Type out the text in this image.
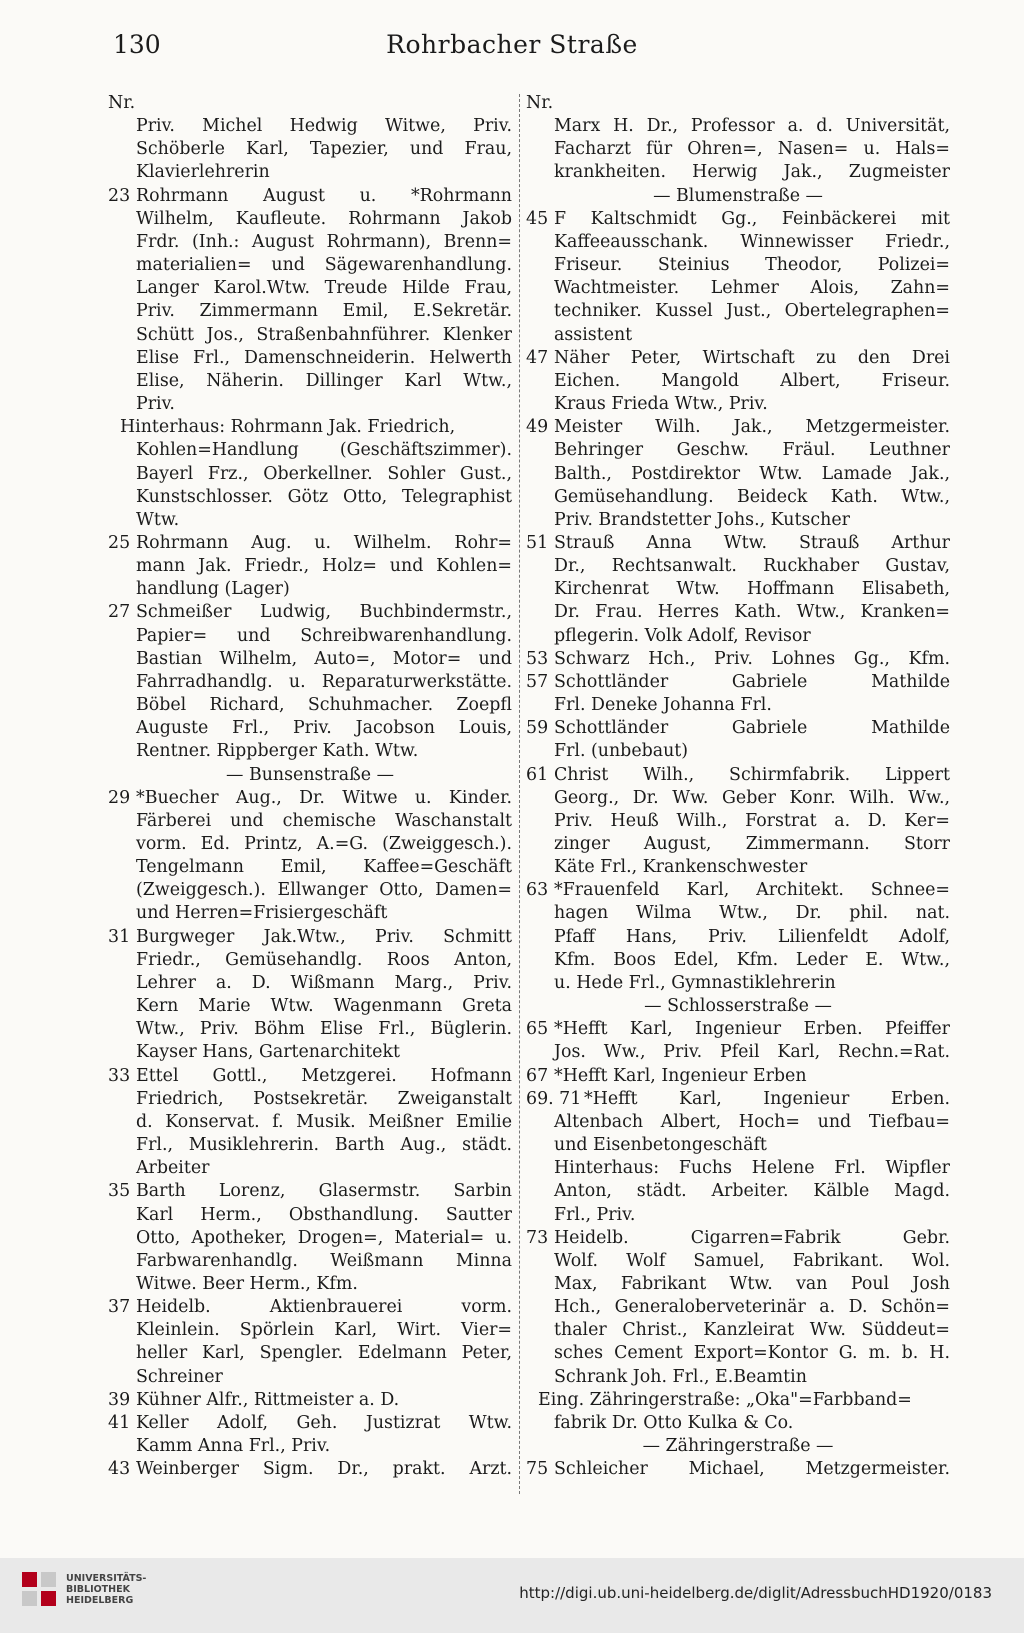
130	Rohrbacher Straße
Nr.
Priv. Michel Hedwig Witwe, Priv.
Schöberle Karl, Tapezier, und Frau,
Klavierlehrerin
23 Rohrmann August u. *Rohrmann
Wilhelm, Kaufleute. Rohrmann Jakob
Frdr. (Inh.: August Rohrmann), Brenn=
materialien= und Sägewarenhandlung.
Langer Karol.Wtw. Treude Hilde Frau,
Priv. Zimmermann Emil, E.Sekretär.
Schütt Jos., Straßenbahnführer. Klenker
Elise Frl., Damenschneiderin. Helwerth
Elise, Näherin. Dillinger Karl Wtw.,
Priv.
Hinterhaus: Rohrmann Jak. Friedrich,
Kohlen=Handlung (Geschäftszimmer).
Bayerl Frz., Oberkellner. Sohler Gust.,
Kunstschlosser. Götz Otto, Telegraphist
Wtw.
25 Rohrmann Aug. u. Wilhelm. Rohr=
mann Jak. Friedr., Holz= und Kohlen=
handlung (Lager)
27 Schmeißer Ludwig, Buchbindermstr.,
Papier= und Schreibwarenhandlung.
Bastian Wilhelm, Auto=, Motor= und
Fahrradhandlg. u. Reparaturwerkstätte.
Böbel Richard, Schuhmacher. Zoepfl
Auguste Frl., Priv. Jacobson Louis,
Rentner. Rippberger Kath. Wtw.
— Bunsenstraße —
29 *Buecher Aug., Dr. Witwe u. Kinder.
Färberei und chemische Waschanstalt
vorm. Ed. Printz, A.=G. (Zweiggesch.).
Tengelmann Emil, Kaffee=Geschäft
(Zweiggesch.). Ellwanger Otto, Damen=
und Herren=Frisiergeschäft
31 Burgweger Jak.Wtw., Priv. Schmitt
Friedr., Gemüsehandlg. Roos Anton,
Lehrer a. D. Wißmann Marg., Priv.
Kern Marie Wtw. Wagenmann Greta
Wtw., Priv. Böhm Elise Frl., Büglerin.
Kayser Hans, Gartenarchitekt
33 Ettel Gottl., Metzgerei. Hofmann
Friedrich, Postsekretär. Zweiganstalt
d. Konservat. f. Musik. Meißner Emilie
Frl., Musiklehrerin. Barth Aug., städt.
Arbeiter
35 Barth Lorenz, Glasermstr. Sarbin
Karl Herm., Obsthandlung. Sautter
Otto, Apotheker, Drogen=, Material= u.
Farbwarenhandlg. Weißmann Minna
Witwe. Beer Herm., Kfm.
37 Heidelb. Aktienbrauerei vorm.
Kleinlein. Spörlein Karl, Wirt. Vier=
heller Karl, Spengler. Edelmann Peter,
Schreiner
39 Kühner Alfr., Rittmeister a. D.
41 Keller Adolf, Geh. Justizrat Wtw.
Kamm Anna Frl., Priv.
43 Weinberger Sigm. Dr., prakt. Arzt.
Nr.
Marx H. Dr., Professor a. d. Universität,
Facharzt für Ohren=, Nasen= u. Hals=
krankheiten. Herwig Jak., Zugmeister
— Blumenstraße —
45 F Kaltschmidt Gg., Feinbäckerei mit
Kaffeeausschank. Winnewisser Friedr.,
Friseur. Steinius Theodor, Polizei=
Wachtmeister. Lehmer Alois, Zahn=
techniker. Kussel Just., Obertelegraphen=
assistent
47 Näher Peter, Wirtschaft zu den Drei
Eichen. Mangold Albert, Friseur.
Kraus Frieda Wtw., Priv.
49 Meister Wilh. Jak., Metzgermeister.
Behringer Geschw. Fräul. Leuthner
Balth., Postdirektor Wtw. Lamade Jak.,
Gemüsehandlung. Beideck Kath. Wtw.,
Priv. Brandstetter Johs., Kutscher
51 Strauß Anna Wtw. Strauß Arthur
Dr., Rechtsanwalt. Ruckhaber Gustav,
Kirchenrat Wtw. Hoffmann Elisabeth,
Dr. Frau. Herres Kath. Wtw., Kranken=
pflegerin. Volk Adolf, Revisor
53 Schwarz Hch., Priv. Lohnes Gg., Kfm.
57 Schottländer Gabriele Mathilde
Frl. Deneke Johanna Frl.
59 Schottländer Gabriele Mathilde
Frl. (unbebaut)
61 Christ Wilh., Schirmfabrik. Lippert
Georg., Dr. Ww. Geber Konr. Wilh. Ww.,
Priv. Heuß Wilh., Forstrat a. D. Ker=
zinger August, Zimmermann. Storr
Käte Frl., Krankenschwester
63 *Frauenfeld Karl, Architekt. Schnee=
hagen Wilma Wtw., Dr. phil. nat.
Pfaff Hans, Priv. Lilienfeldt Adolf,
Kfm. Boos Edel, Kfm. Leder E. Wtw.,
u. Hede Frl., Gymnastiklehrerin
— Schlosserstraße —
65 *Hefft Karl, Ingenieur Erben. Pfeiffer
Jos. Ww., Priv. Pfeil Karl, Rechn.=Rat.
67 *Hefft Karl, Ingenieur Erben
69. 71 *Hefft Karl, Ingenieur Erben.
Altenbach Albert, Hoch= und Tiefbau=
und Eisenbetongeschäft
Hinterhaus: Fuchs Helene Frl. Wipfler
Anton, städt. Arbeiter. Kälble Magd.
Frl., Priv.
73 Heidelb. Cigarren=Fabrik Gebr.
Wolf. Wolf Samuel, Fabrikant. Wol.
Max, Fabrikant Wtw. van Poul Josh
Hch., Generaloberveterinär a. D. Schön=
thaler Christ., Kanzleirat Ww. Süddeut=
sches Cement Export=Kontor G. m. b. H.
Schrank Joh. Frl., E.Beamtin
Eing. Zähringerstraße: „Oka"=Farbband=
fabrik Dr. Otto Kulka & Co.
— Zähringerstraße —
75 Schleicher Michael, Metzgermeister.
UNIVERSITÄTS-
BIBLIOTHEK
HEIDELBERG	http://digi.ub.uni-heidelberg.de/diglit/AdressbuchHD1920/0183
